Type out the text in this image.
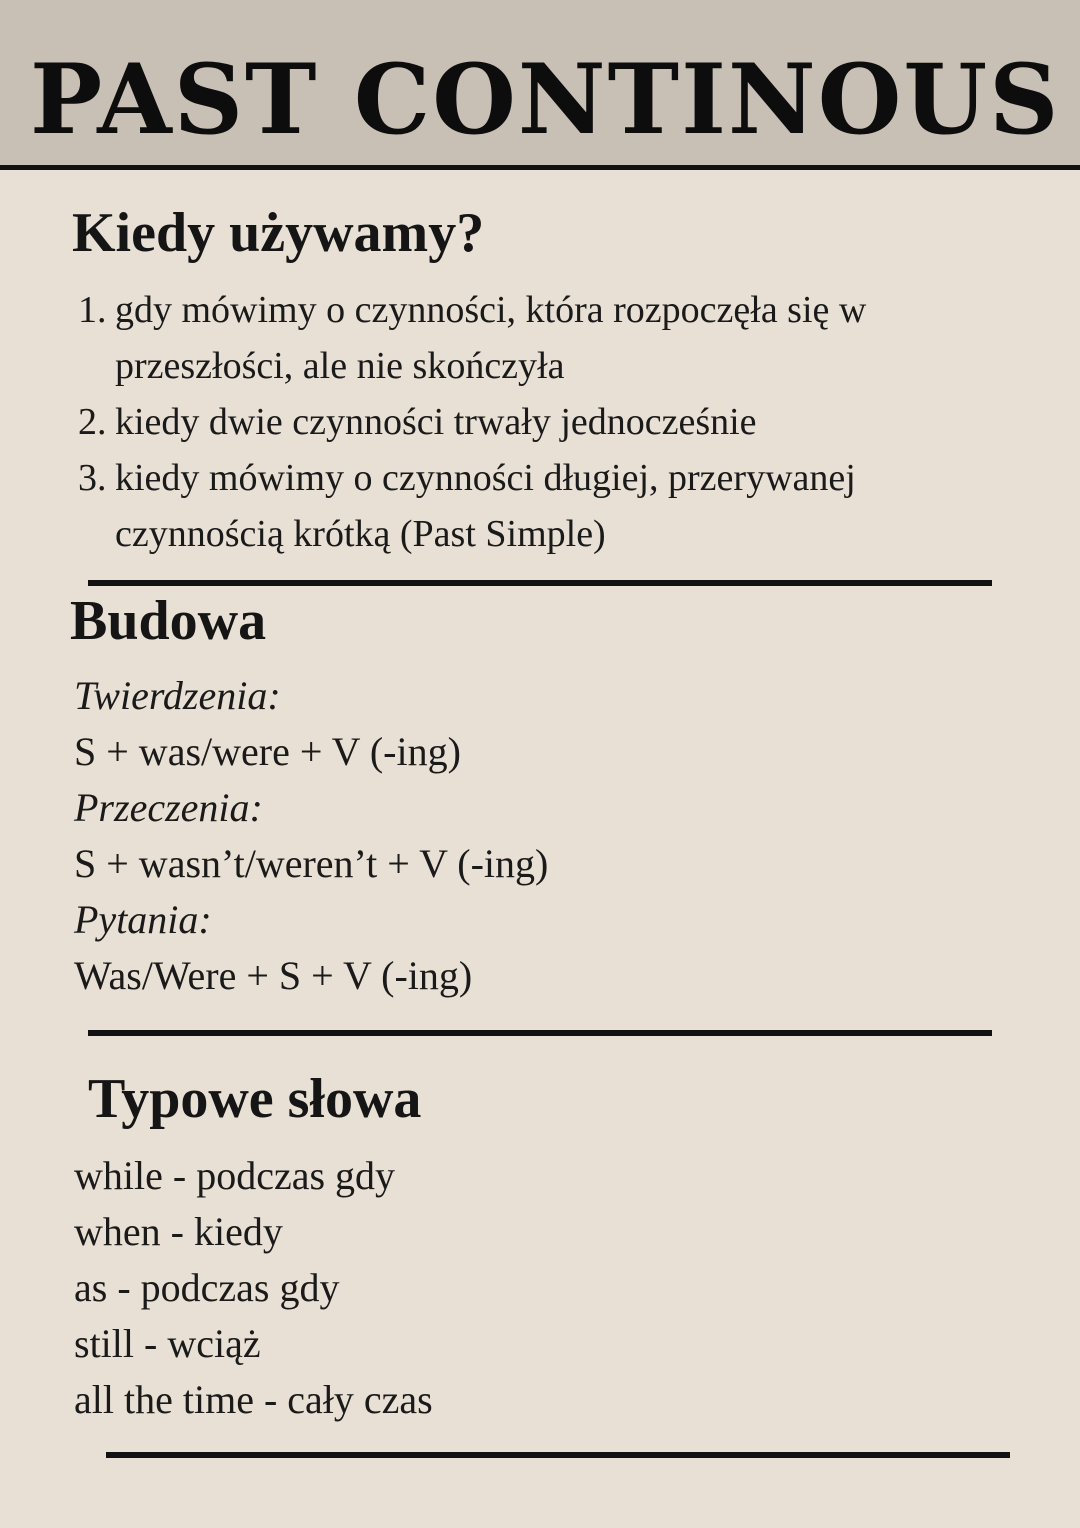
PAST CONTINOUS
Kiedy używamy?
1. gdy mówimy o czynności, która rozpoczęła się w przeszłości, ale nie skończyła
2. kiedy dwie czynności trwały jednocześnie
3. kiedy mówimy o czynności długiej, przerywanej czynnością krótką (Past Simple)
Budowa
Twierdzenia:
S + was/were + V (-ing)
Przeczenia:
S + wasn’t/weren’t + V (-ing)
Pytania:
Was/Were + S + V (-ing)
Typowe słowa
while - podczas gdy
when - kiedy
as - podczas gdy
still - wciąż
all the time - cały czas
